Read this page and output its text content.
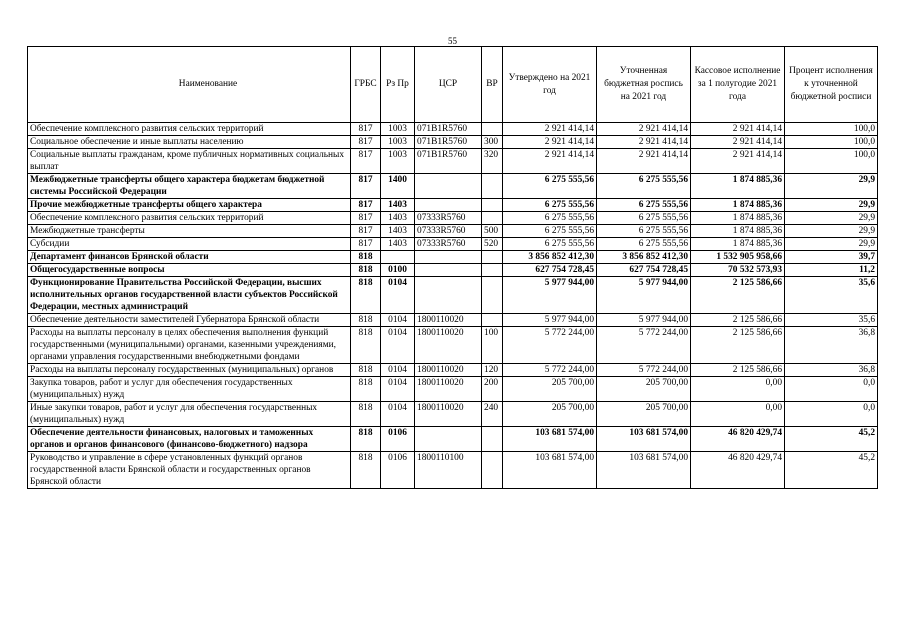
55
Наименование	ГРБС	Рз Пр	ЦСР	ВР	Утверждено на 2021 год	Уточненная бюджетная роспись на 2021 год	Кассовое исполнение за 1 полугодие 2021 года	Процент исполнения к уточненной бюджетной росписи
Обеспечение комплексного развития сельских территорий	817	1003	071B1R5760		2 921 414,14	2 921 414,14	2 921 414,14	100,0
Социальное обеспечение и иные выплаты населению	817	1003	071B1R5760	300	2 921 414,14	2 921 414,14	2 921 414,14	100,0
Социальные выплаты гражданам, кроме публичных нормативных социальных выплат	817	1003	071B1R5760	320	2 921 414,14	2 921 414,14	2 921 414,14	100,0
Межбюджетные трансферты общего характера бюджетам бюджетной системы Российской Федерации	817	1400			6 275 555,56	6 275 555,56	1 874 885,36	29,9
Прочие межбюджетные трансферты общего характера	817	1403			6 275 555,56	6 275 555,56	1 874 885,36	29,9
Обеспечение комплексного развития сельских территорий	817	1403	07333R5760		6 275 555,56	6 275 555,56	1 874 885,36	29,9
Межбюджетные трансферты	817	1403	07333R5760	500	6 275 555,56	6 275 555,56	1 874 885,36	29,9
Субсидии	817	1403	07333R5760	520	6 275 555,56	6 275 555,56	1 874 885,36	29,9
Департамент финансов Брянской области	818				3 856 852 412,30	3 856 852 412,30	1 532 905 958,66	39,7
Общегосударственные вопросы	818	0100			627 754 728,45	627 754 728,45	70 532 573,93	11,2
Функционирование Правительства Российской Федерации, высших исполнительных органов государственной власти субъектов Российской Федерации, местных администраций	818	0104			5 977 944,00	5 977 944,00	2 125 586,66	35,6
Обеспечение деятельности заместителей Губернатора Брянской области	818	0104	1800110020		5 977 944,00	5 977 944,00	2 125 586,66	35,6
Расходы на выплаты персоналу в целях обеспечения выполнения функций государственными (муниципальными) органами, казенными учреждениями, органами управления государственными внебюджетными фондами	818	0104	1800110020	100	5 772 244,00	5 772 244,00	2 125 586,66	36,8
Расходы на выплаты персоналу государственных (муниципальных) органов	818	0104	1800110020	120	5 772 244,00	5 772 244,00	2 125 586,66	36,8
Закупка товаров, работ и услуг для обеспечения государственных (муниципальных) нужд	818	0104	1800110020	200	205 700,00	205 700,00	0,00	0,0
Иные закупки товаров, работ и услуг для обеспечения государственных (муниципальных) нужд	818	0104	1800110020	240	205 700,00	205 700,00	0,00	0,0
Обеспечение деятельности финансовых, налоговых и таможенных органов и органов финансового (финансово-бюджетного) надзора	818	0106			103 681 574,00	103 681 574,00	46 820 429,74	45,2
Руководство и управление в сфере установленных функций органов государственной власти Брянской области и государственных органов Брянской области	818	0106	1800110100		103 681 574,00	103 681 574,00	46 820 429,74	45,2
